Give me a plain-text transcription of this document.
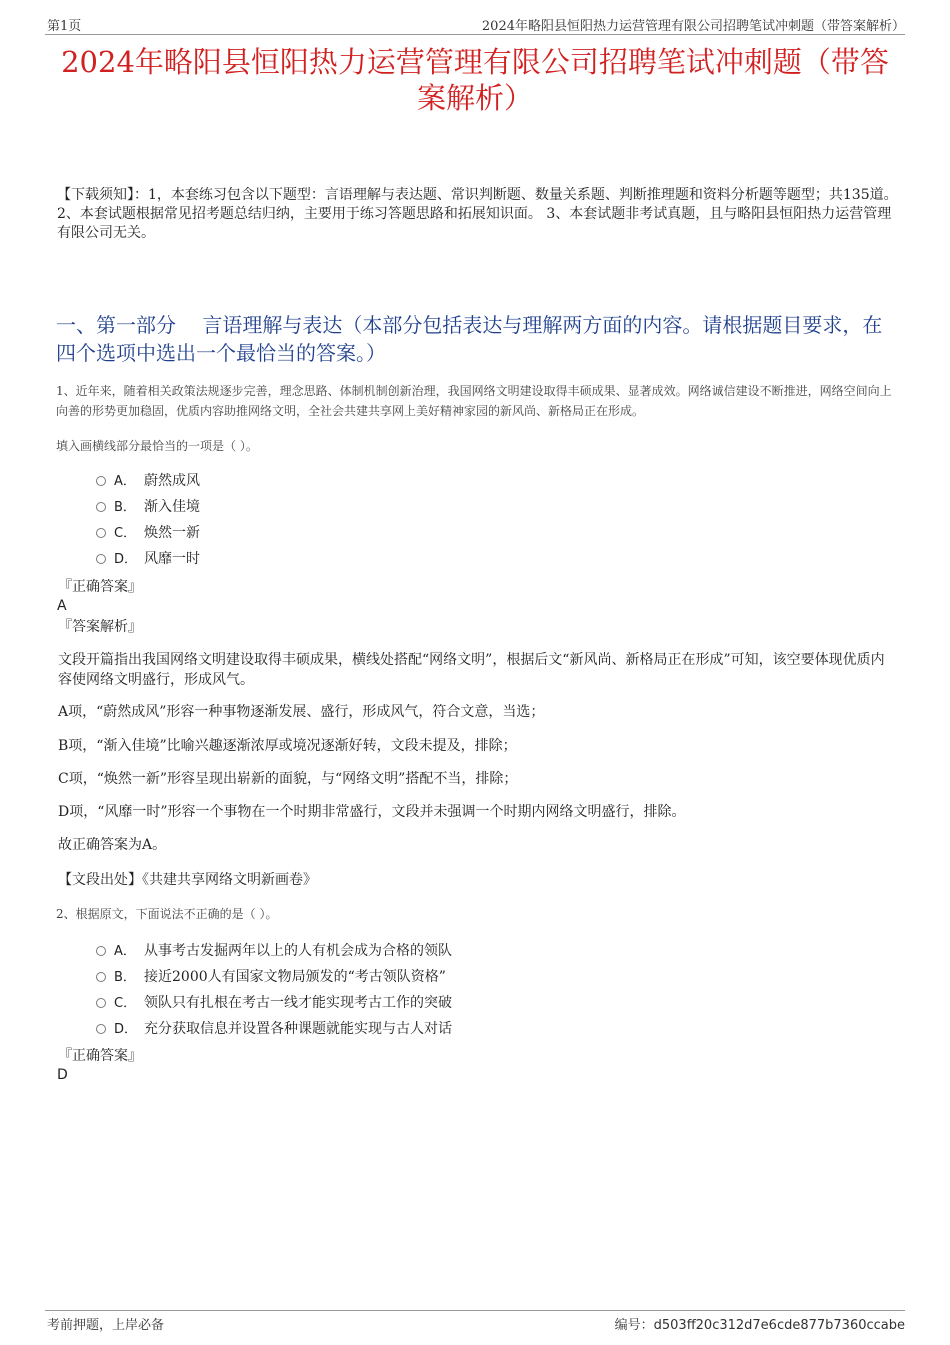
第1页	2024年略阳县恒阳热力运营管理有限公司招聘笔试冲刺题（带答案解析）
2024年略阳县恒阳热力运营管理有限公司招聘笔试冲刺题（带答案解析）
【下载须知】：1，本套练习包含以下题型：言语理解与表达题、常识判断题、数量关系题、判断推理题和资料分析题等题型；共135道。 2、本套试题根据常见招考题总结归纳，主要用于练习答题思路和拓展知识面。 3、本套试题非考试真题，且与略阳县恒阳热力运营管理有限公司无关。
一、第一部分　 言语理解与表达（本部分包括表达与理解两方面的内容。请根据题目要求，在四个选项中选出一个最恰当的答案。）
1、近年来，随着相关政策法规逐步完善，理念思路、体制机制创新治理，我国网络文明建设取得丰硕成果、显著成效。网络诚信建设不断推进，网络空间向上向善的形势更加稳固，优质内容助推网络文明，全社会共建共享网上美好精神家园的新风尚、新格局正在形成。
填入画横线部分最恰当的一项是（ ）。
A． 蔚然成风
B． 渐入佳境
C． 焕然一新
D． 风靡一时
『正确答案』
A
『答案解析』
文段开篇指出我国网络文明建设取得丰硕成果，横线处搭配“网络文明”，根据后文“新风尚、新格局正在形成”可知，该空要体现优质内容使网络文明盛行，形成风气。
A项，“蔚然成风”形容一种事物逐渐发展、盛行，形成风气，符合文意，当选；
B项，“渐入佳境”比喻兴趣逐渐浓厚或境况逐渐好转，文段未提及，排除；
C项，“焕然一新”形容呈现出崭新的面貌，与“网络文明”搭配不当，排除；
D项，“风靡一时”形容一个事物在一个时期非常盛行，文段并未强调一个时期内网络文明盛行，排除。
故正确答案为A。
【文段出处】《共建共享网络文明新画卷》
2、根据原文，下面说法不正确的是（ ）。
A． 从事考古发掘两年以上的人有机会成为合格的领队
B． 接近2000人有国家文物局颁发的“考古领队资格”
C． 领队只有扎根在考古一线才能实现考古工作的突破
D． 充分获取信息并设置各种课题就能实现与古人对话
『正确答案』
D
考前押题，上岸必备	编号：d503ff20c312d7e6cde877b7360ccabe
